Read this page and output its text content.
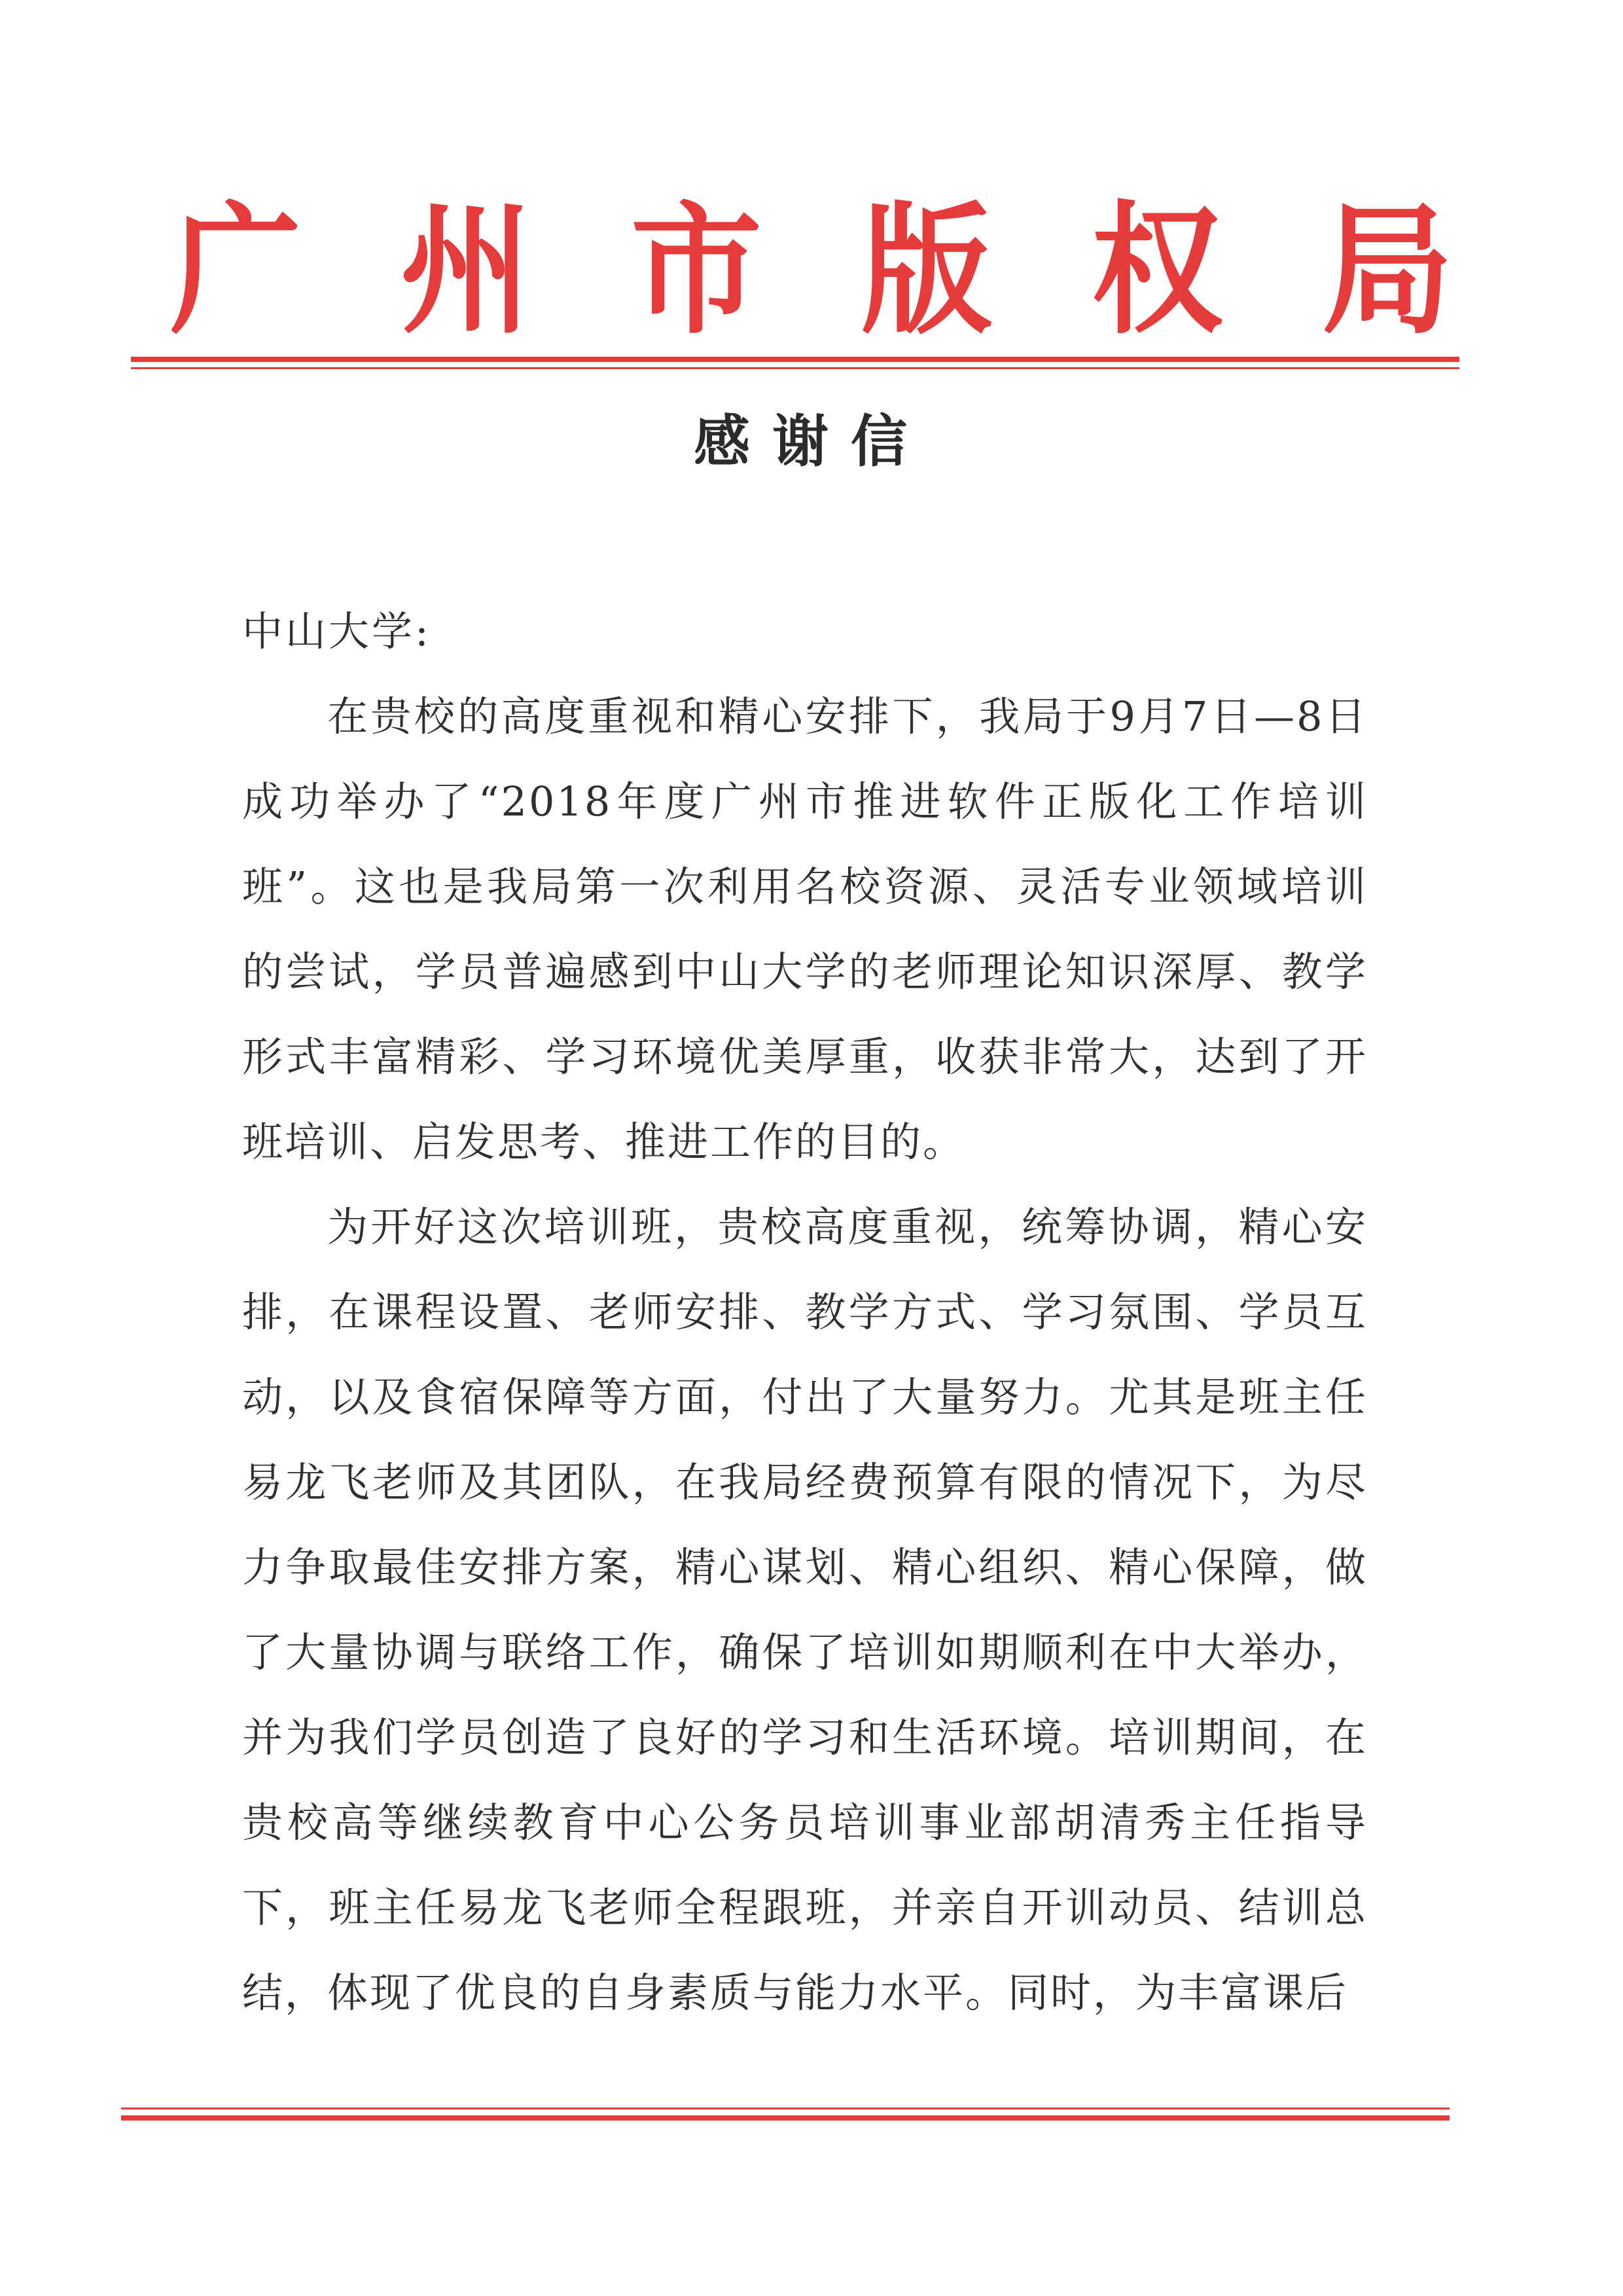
广 州 市 版 权 局
感谢信

中山大学:

在贵校的高度重视和精心安排下，我局于9月7日—8日成功举办了“2018年度广州市推进软件正版化工作培训班”。这也是我局第一次利用名校资源、灵活专业领域培训的尝试，学员普遍感到中山大学的老师理论知识深厚、教学形式丰富精彩、学习环境优美厚重，收获非常大，达到了开班培训、启发思考、推进工作的目的。

为开好这次培训班，贵校高度重视，统筹协调，精心安排，在课程设置、老师安排、教学方式、学习氛围、学员互动，以及食宿保障等方面，付出了大量努力。尤其是班主任易龙飞老师及其团队，在我局经费预算有限的情况下，为尽力争取最佳安排方案，精心谋划、精心组织、精心保障，做了大量协调与联络工作，确保了培训如期顺利在中大举办，并为我们学员创造了良好的学习和生活环境。培训期间，在贵校高等继续教育中心公务员培训事业部胡清秀主任指导下，班主任易龙飞老师全程跟班，并亲自开训动员、结训总结，体现了优良的自身素质与能力水平。同时，为丰富课后
